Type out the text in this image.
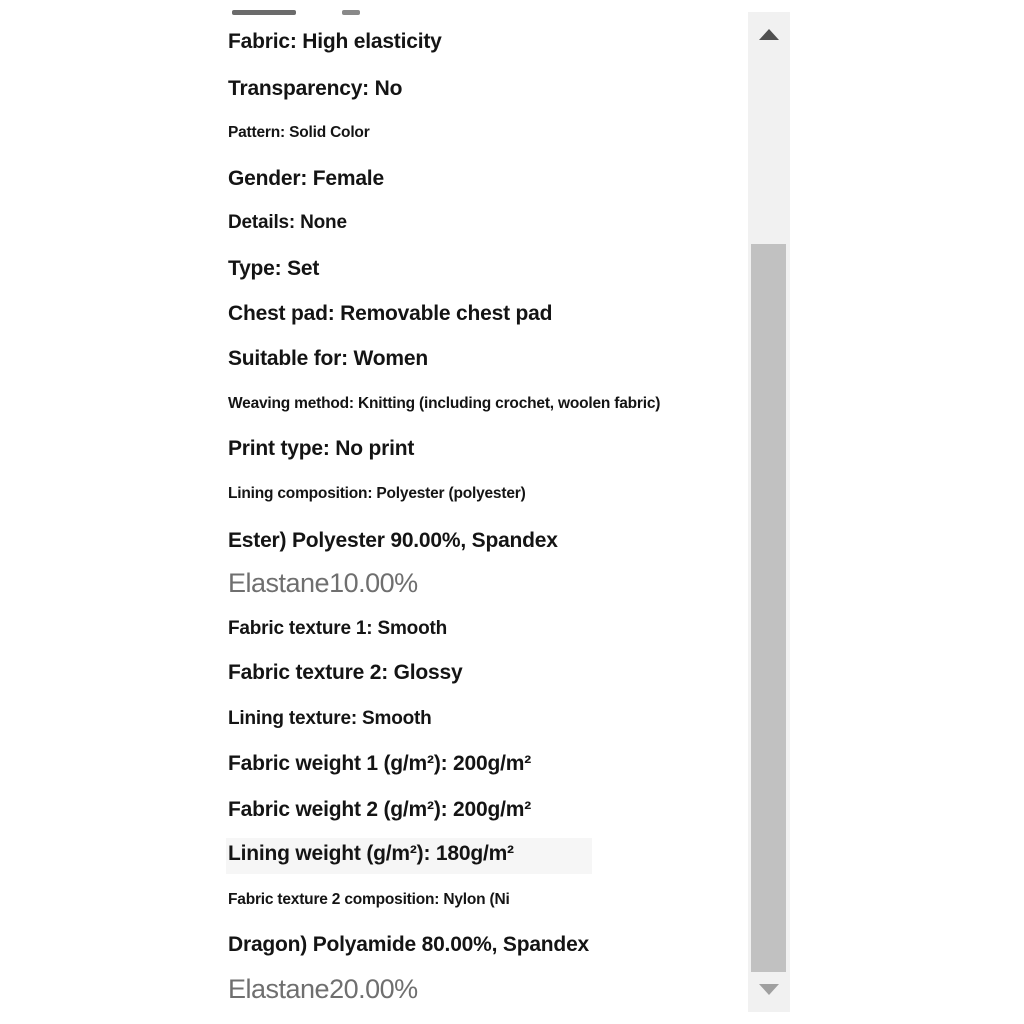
Fabric: High elasticity
Transparency: No
Pattern: Solid Color
Gender: Female
Details: None
Type: Set
Chest pad: Removable chest pad
Suitable for: Women
Weaving method: Knitting (including crochet, woolen fabric)
Print type: No print
Lining composition: Polyester (polyester)
Ester) Polyester 90.00%, Spandex
Elastane10.00%
Fabric texture 1: Smooth
Fabric texture 2: Glossy
Lining texture: Smooth
Fabric weight 1 (g/m²): 200g/m²
Fabric weight 2 (g/m²): 200g/m²
Lining weight (g/m²): 180g/m²
Fabric texture 2 composition: Nylon (Ni
Dragon) Polyamide 80.00%, Spandex
Elastane20.00%
